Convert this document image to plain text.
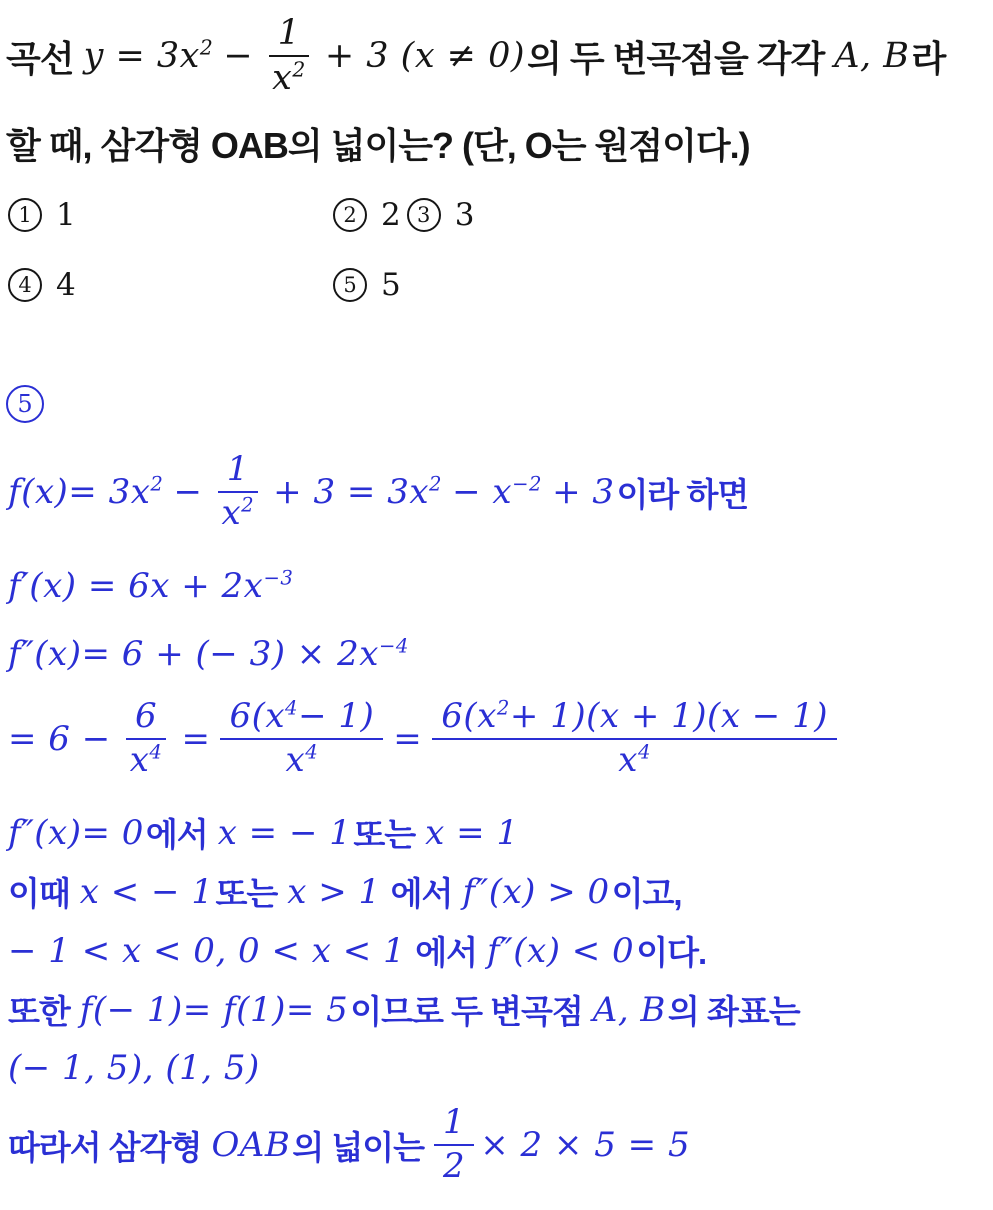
곡선 $y = 3x^2 - \frac{1}{x^2} + 3$ (x ≠ 0) 의 두 변곡점을 각각 A, B 라
할 때, 삼각형 OAB의 넓이는? (단, O는 원점이다.)
1 1	2 2 3 3
4 4	5 5
5
$f(x)= 3x^2 - \frac{1}{x^2} + 3 = 3x^2 - x^{-2} + 3$ 이라 하면
$f'(x) = 6x + 2x^{-3}$
f″(x)= 6 + (− $3) \times 2x^{-4}$
= $6 - \frac{6}{x^4} = \frac{6(x^4- 1)}{x^4} = \frac{6(x^2+ 1)(x + 1)(x - 1)}{x^4}$
f″(x)= 0 에서 x = − 1 또는 x = 1
이때 x < − 1 또는 x > 1 에서 f″(x) > 0 이고,
− 1 < x < 0, 0 < x < 1 에서 f″(x) < 0 이다.
또한 f(− 1)= f(1)= 5 이므로 두 변곡점 A, B 의 좌표는
(− 1, 5), (1, 5)
따라서 삼각형 OAB 의 넓이는 $\frac{1}{2} \times 2 \times 5 = 5$
